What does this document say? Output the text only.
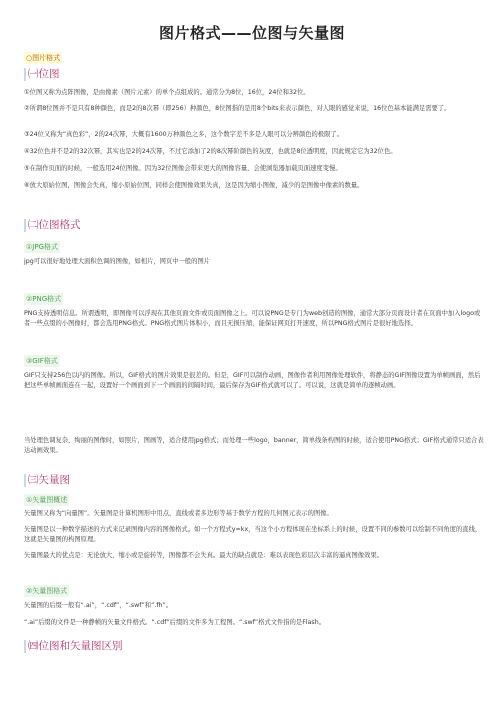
图片格式——位图与矢量图
○图片格式
㈠位图

①位图又称为点阵图像，是由像素（图片元素）的单个点组成的。通常分为8位，16位，24位和32位。

②所谓8位图并不是只有8种颜色，而是2的8次幂（即256）种颜色，8位图指的是用8个bits来表示颜色，对人眼的感觉来说，16位色基本能满足需要了。

③24位又称为“真色彩”，2的24次幂，大概有1600万种颜色之多，这个数字差不多是人眼可以分辨颜色的极限了。

④32位色并不是2的32次幂，其实也是2的24次幂，不过它添加了2的8次幂阶颜色的灰度，也就是8位透明度，因此规定它为32位色。

⑤在制作页面的时候，一般选用24位图像。因为32位图像会带来更大的图像容量，会使浏览器加载页面速度变慢。

⑥放大原始位图，图像会失真，缩小原始位图，同样会使图像效果失真，这是因为缩小图像，减少的是图像中像素的数量。

㈡位图格式
①JPG格式

jpg可以很好地处理大面积色调的图像，如相片，网页中一般的图片

②PNG格式

PNG支持透明信息。所谓透明，即图像可以浮现在其他页面文件或页面图像之上。可以说PNG是专门为web创造的图像，通常大部分页面设计者在页面中加入logo或者一些点缀的小图像时，都会选用PNG格式。PNG格式图片体积小，而且无损压缩，能保证网页打开速度，所以PNG格式图片是很好地选择。

③GIF格式

GIF只支持256色以内的图像。所以，GIF格式的图片效果是很差的。但是，GIF可以制作动画，图像作者利用图像处理软件，将静态的GIF图像设置为单帧画面，然后把这些单帧画面连在一起，设置好一个画面到下一个画面的间隔时间，最后保存为GIF格式就可以了。可以说，这就是简单的逐帧动画。

当处理色调复杂，绚丽的图像时，如照片，图画等，适合使用jpg格式；而处理一些logo，banner，简单线条构图的时候，适合使用PNG格式；GIF格式通常只适合表达动画效果。

㈢矢量图
①矢量图概述

矢量图又称为“向量图”。矢量图是计算机图形中用点，直线或者多边形等基于数学方程的几何图元表示的图像。

矢量图是以一种数学描述的方式来记录图像内容的图像格式。如一个方程式y=kx，当这个小方程体现在坐标系上的时候，设置不同的参数可以绘制不同角度的直线，这就是矢量图的构图原理。

矢量图最大的优点是：无论放大，缩小或是旋转等，图像都不会失真。最大的缺点就是：难以表现色彩层次丰富的逼真图像效果。

②矢量图格式

矢量图的后缀一般有“.ai”，“.cdf”，“.swf”和“.fh”。

“.ai”后缀的文件是一种静帧的矢量文件格式。“.cdf”后缀的文件多为工程图。“.swf”格式文件指的是Flash。

㈣位图和矢量图区别
